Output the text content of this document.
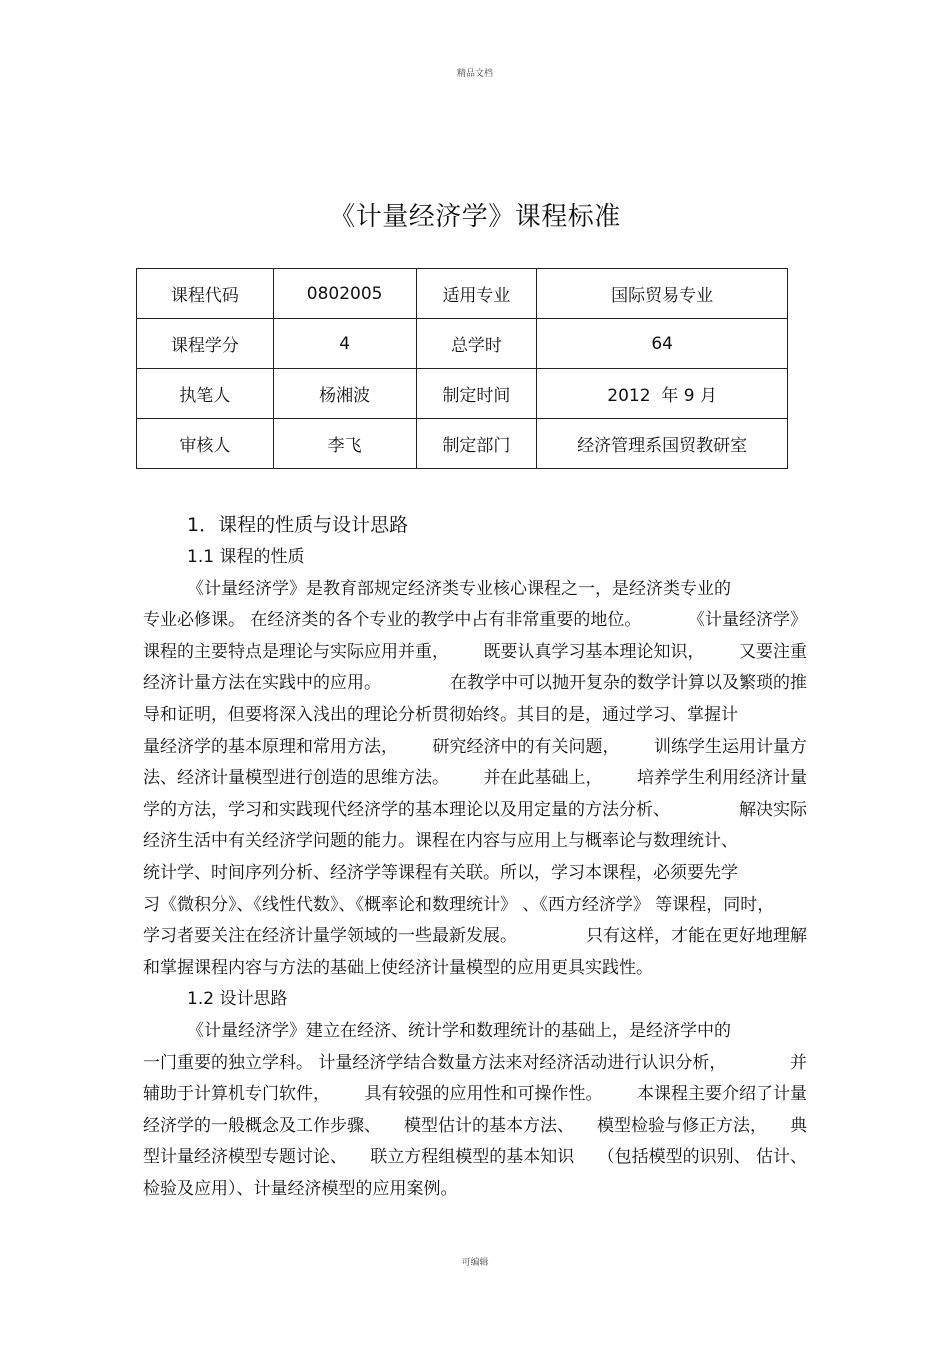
精品文档
《计量经济学》课程标准
课程代码	0802005	适用专业	国际贸易专业
课程学分	4	总学时	64
执笔人	杨湘波	制定时间	2012  年 9 月
审核人	李飞	制定部门	经济管理系国贸教研室

1．课程的性质与设计思路

1.1 课程的性质

《计量经济学》是教育部规定经济类专业核心课程之一，是经济类专业的
专业必修课。 在经济类的各个专业的教学中占有非常重要的地位。	《计量经济学》
课程的主要特点是理论与实际应用并重， 既要认真学习基本理论知识， 又要注重
经济计量方法在实践中的应用。	在教学中可以抛开复杂的数学计算以及繁琐的推
导和证明，但要将深入浅出的理论分析贯彻始终。其目的是，通过学习、掌握计
量经济学的基本原理和常用方法， 研究经济中的有关问题， 训练学生运用计量方
法、经济计量模型进行创造的思维方法。 并在此基础上， 培养学生利用经济计量
学的方法，学习和实践现代经济学的基本理论以及用定量的方法分析、	解决实际
经济生活中有关经济学问题的能力。课程在内容与应用上与概率论与数理统计、
统计学、时间序列分析、经济学等课程有关联。所以，学习本课程，必须要先学
习《微积分》、《线性代数》、《概率论和数理统计》 、《西方经济学》 等课程，同时，
学习者要关注在经济计量学领域的一些最新发展。	只有这样，才能在更好地理解
和掌握课程内容与方法的基础上使经济计量模型的应用更具实践性。

1.2 设计思路

《计量经济学》建立在经济、统计学和数理统计的基础上，是经济学中的
一门重要的独立学科。 计量经济学结合数量方法来对经济活动进行认识分析，	并
辅助于计算机专门软件， 具有较强的应用性和可操作性。 本课程主要介绍了计量
经济学的一般概念及工作步骤、 模型估计的基本方法、 模型检验与修正方法， 典
型计量经济模型专题讨论、 联立方程组模型的基本知识 （包括模型的识别、 估计、
检验及应用）、计量经济模型的应用案例。
可编辑
